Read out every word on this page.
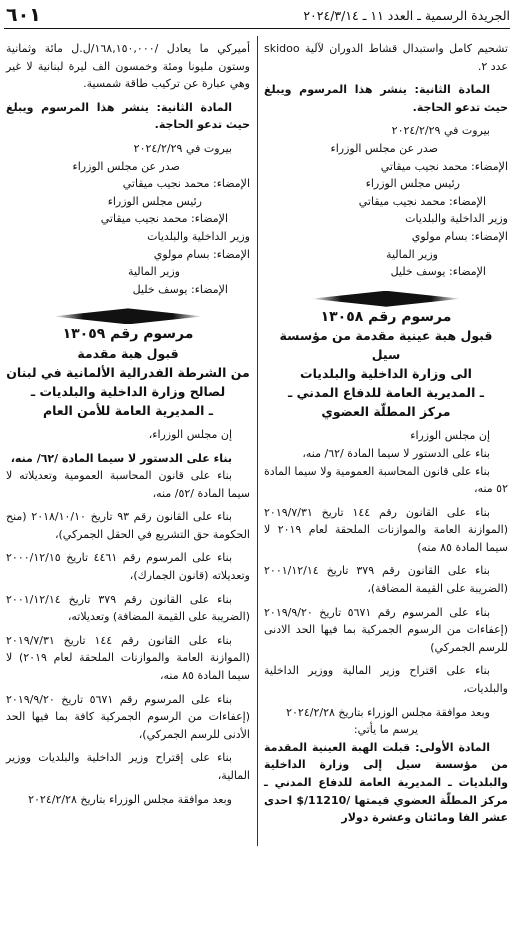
الجريدة الرسمية ـ العدد ١١ ـ ٢٠٢٤/٣/١٤
٦٠١

تشحيم كامل واستبدال قشاط الدوران لآلية skidoo عدد ٢.

المادة الثانية: ينشر هذا المرسوم ويبلغ حيث تدعو الحاجة.

بيروت في ٢٠٢٤/٢/٢٩

صدر عن مجلس الوزراء

الإمضاء: محمد نجيب ميقاتي

رئيس مجلس الوزراء

الإمضاء: محمد نجيب ميقاتي

وزير الداخلية والبلديات

الإمضاء: بسام مولوي

وزير المالية

الإمضاء: يوسف خليل

مرسوم رقم ١٣٠٥٨

قبول هبة عينية مقدمة من مؤسسة سيل

الى وزارة الداخلية والبلديات

ـ المديرية العامة للدفاع المدني ـ

مركز المطلّة العضوي

إن مجلس الوزراء

بناء على الدستور لا سيما المادة /٦٢/ منه،

بناء على قانون المحاسبة العمومية ولا سيما المادة ٥٢ منه،

بناء على القانون رقم ١٤٤ تاريخ ٢٠١٩/٧/٣١ (الموازنة العامة والموازنات الملحقة لعام ٢٠١٩ لا سيما المادة ٨٥ منه)

بناء على القانون رقم ٣٧٩ تاريخ ٢٠٠١/١٢/١٤ (الضريبة على القيمة المضافة)،

بناء على المرسوم رقم ٥٦٧١ تاريخ ٢٠١٩/٩/٢٠ (إعفاءات من الرسوم الجمركية بما فيها الحد الادنى للرسم الجمركي)

بناء على اقتراح وزير المالية ووزير الداخلية والبلديات،

وبعد موافقة مجلس الوزراء بتاريخ ٢٠٢٤/٢/٢٨

يرسم ما يأتي:

المادة الأولى: قبلت الهبة العينية المقدمة من مؤسسة سيل إلى وزارة الداخلية والبلديات ـ المديرية العامة للدفاع المدني ـ مركز المطلّة العضوي قيمتها /11210/$ احدى عشر الفا ومائتان وعشرة دولار

أميركي ما يعادل /١٦٨,١٥٠,٠٠٠/ل.ل مائة وثمانية وستون مليونا ومئة وخمسون الف ليرة لبنانية لا غير وهي عبارة عن تركيب طاقة شمسية.

المادة الثانية: ينشر هذا المرسوم ويبلغ حيث تدعو الحاجة.

بيروت في ٢٠٢٤/٢/٢٩

صدر عن مجلس الوزراء

الإمضاء: محمد نجيب ميقاتي

رئيس مجلس الوزراء

الإمضاء: محمد نجيب ميقاتي

وزير الداخلية والبلديات

الإمضاء: بسام مولوي

وزير المالية

الإمضاء: يوسف خليل

مرسوم رقم ١٣٠٥٩

قبول هبة مقدمة

من الشرطة الفدرالية الألمانية في لبنان

لصالح وزارة الداخلية والبلديات ـ

ـ المديرية العامة للأمن العام

إن مجلس الوزراء،

بناء على الدستور لا سيما المادة /٦٢/ منه،

بناء على قانون المحاسبة العمومية وتعديلاته لا سيما المادة /٥٢/ منه،

بناء على القانون رقم ٩٣ تاريخ ٢٠١٨/١٠/١٠ (منح الحكومة حق التشريع في الحقل الجمركي)،

بناء على المرسوم رقم ٤٤٦١ تاريخ ٢٠٠٠/١٢/١٥ وتعديلاته (قانون الجمارك)،

بناء على القانون رقم ٣٧٩ تاريخ ٢٠٠١/١٢/١٤ (الضريبة على القيمة المضافة) وتعديلاته،

بناء على القانون رقم ١٤٤ تاريخ ٢٠١٩/٧/٣١ (الموازنة العامة والموازنات الملحقة لعام ٢٠١٩) لا سيما المادة ٨٥ منه،

بناء على المرسوم رقم ٥٦٧١ تاريخ ٢٠١٩/٩/٢٠ (إعفاءات من الرسوم الجمركية كافة بما فيها الحد الأدنى للرسم الجمركي)،

بناء على إقتراح وزير الداخلية والبلديات ووزير المالية،

وبعد موافقة مجلس الوزراء بتاريخ ٢٠٢٤/٢/٢٨
